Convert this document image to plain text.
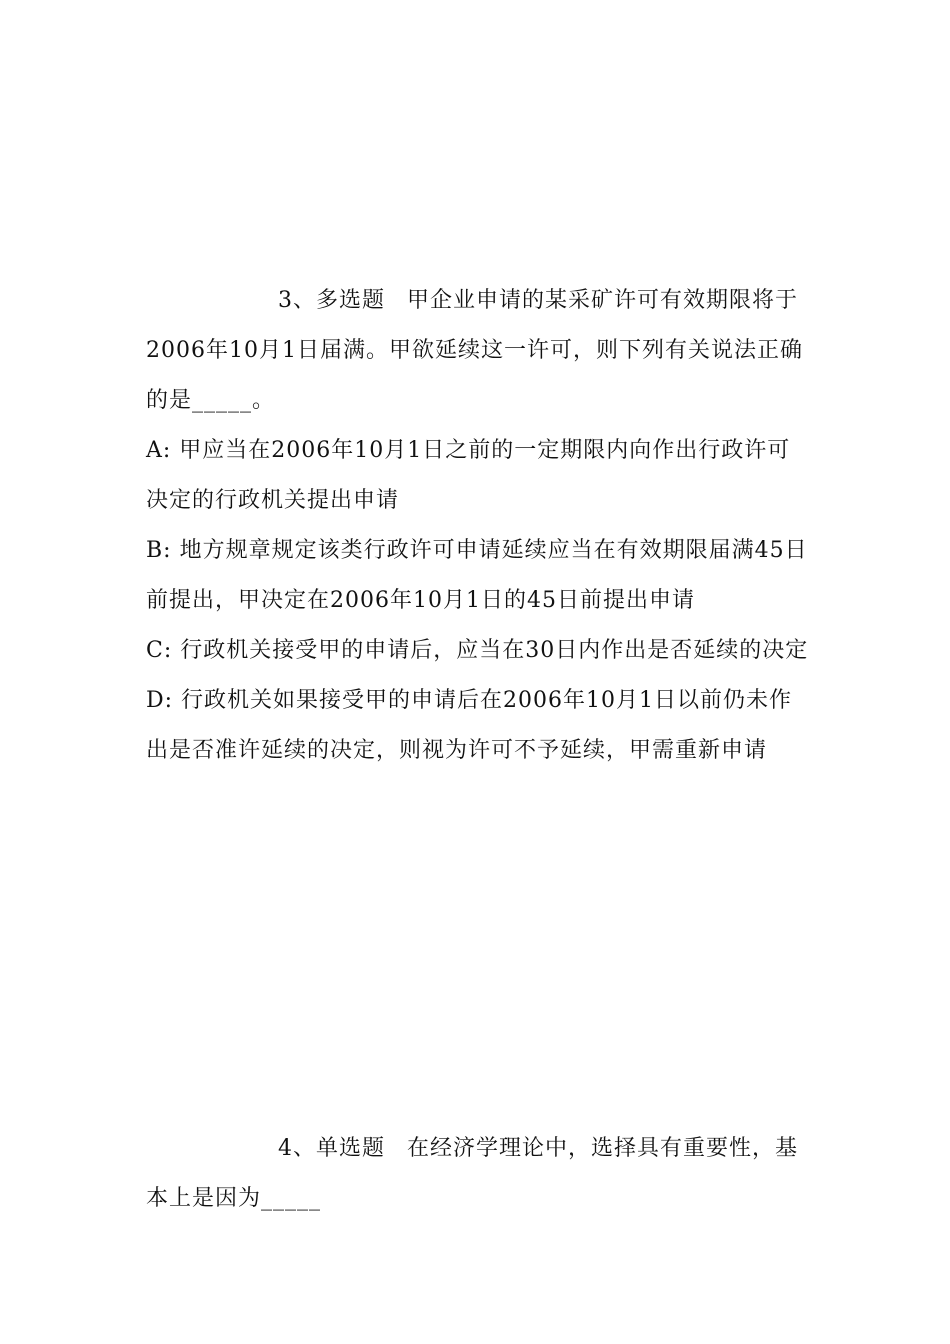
3、多选题 甲企业申请的某采矿许可有效期限将于2006年10月1日届满。甲欲延续这一许可，则下列有关说法正确的是_____。

A: 甲应当在2006年10月1日之前的一定期限内向作出行政许可决定的行政机关提出申请

B: 地方规章规定该类行政许可申请延续应当在有效期限届满45日前提出，甲决定在2006年10月1日的45日前提出申请

C: 行政机关接受甲的申请后，应当在30日内作出是否延续的决定

D: 行政机关如果接受甲的申请后在2006年10月1日以前仍未作出是否准许延续的决定，则视为许可不予延续，甲需重新申请

4、单选题 在经济学理论中，选择具有重要性，基本上是因为_____
